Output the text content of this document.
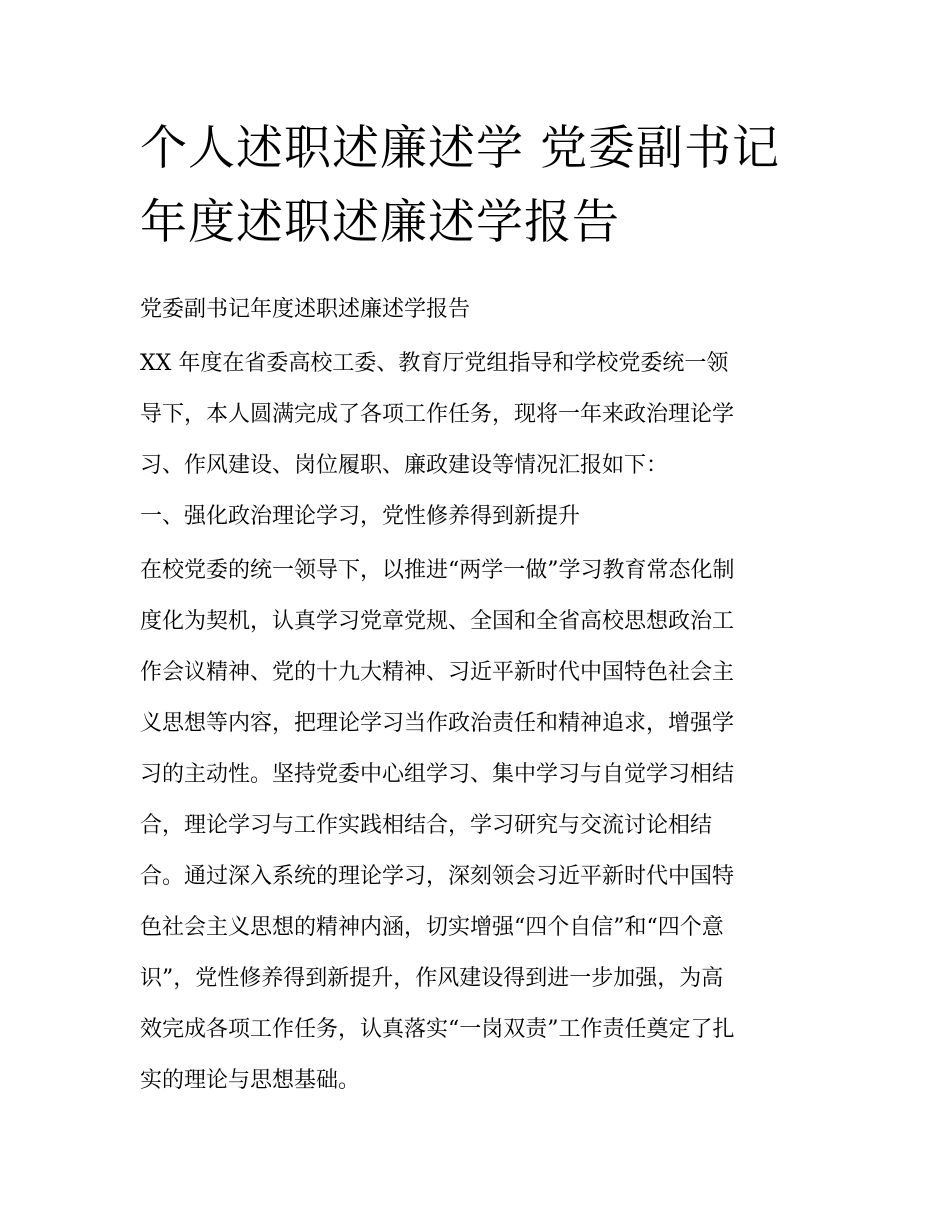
个人述职述廉述学 党委副书记
年度述职述廉述学报告

党委副书记年度述职述廉述学报告

XX 年度在省委高校工委、教育厅党组指导和学校党委统一领
导下，本人圆满完成了各项工作任务，现将一年来政治理论学
习、作风建设、岗位履职、廉政建设等情况汇报如下：

一、强化政治理论学习，党性修养得到新提升

在校党委的统一领导下，以推进“两学一做”学习教育常态化制
度化为契机，认真学习党章党规、全国和全省高校思想政治工
作会议精神、党的十九大精神、习近平新时代中国特色社会主
义思想等内容，把理论学习当作政治责任和精神追求，增强学
习的主动性。坚持党委中心组学习、集中学习与自觉学习相结
合，理论学习与工作实践相结合，学习研究与交流讨论相结
合。通过深入系统的理论学习，深刻领会习近平新时代中国特
色社会主义思想的精神内涵，切实增强“四个自信”和“四个意
识”，党性修养得到新提升，作风建设得到进一步加强，为高
效完成各项工作任务，认真落实“一岗双责”工作责任奠定了扎
实的理论与思想基础。
